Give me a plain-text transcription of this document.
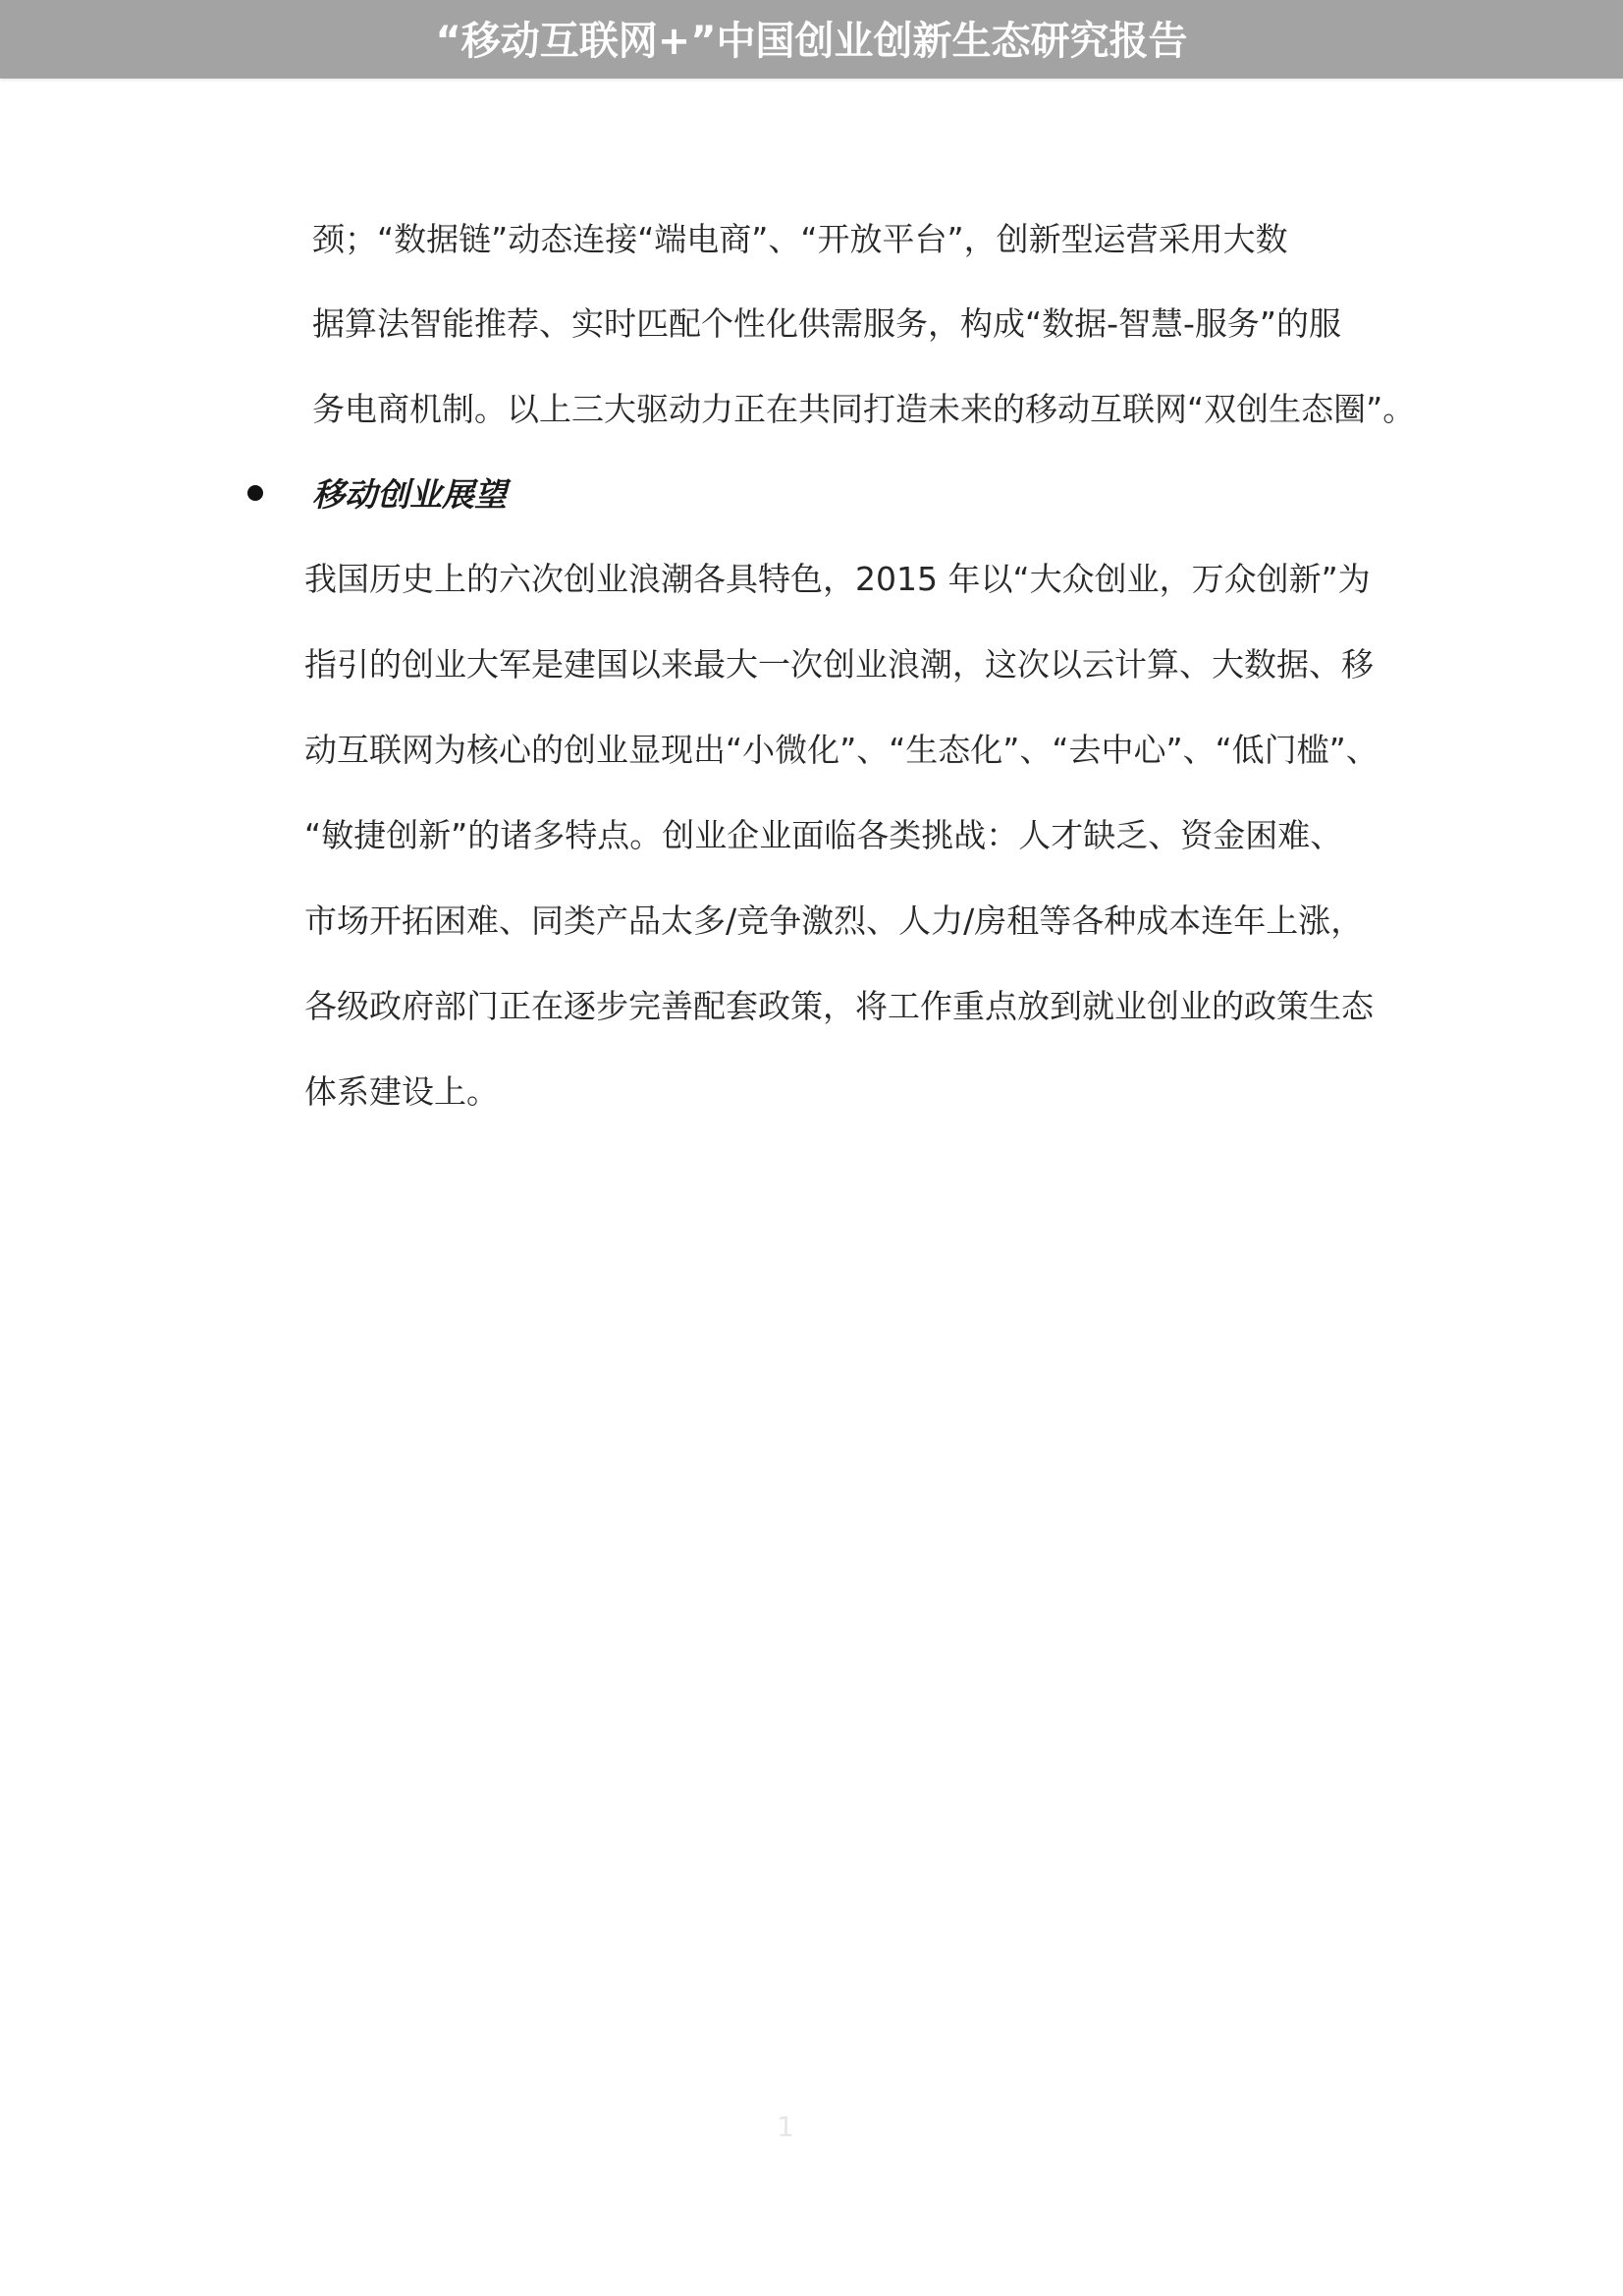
“移动互联网+”中国创业创新生态研究报告
颈；“数据链”动态连接“端电商”、“开放平台”，创新型运营采用大数
据算法智能推荐、实时匹配个性化供需服务，构成“数据-智慧-服务”的服
务电商机制。以上三大驱动力正在共同打造未来的移动互联网“双创生态圈”。
移动创业展望
我国历史上的六次创业浪潮各具特色，2015 年以“大众创业，万众创新”为
指引的创业大军是建国以来最大一次创业浪潮，这次以云计算、大数据、移
动互联网为核心的创业显现出“小微化”、“生态化”、“去中心”、“低门槛”、
“敏捷创新”的诸多特点。创业企业面临各类挑战：人才缺乏、资金困难、
市场开拓困难、同类产品太多/竞争激烈、人力/房租等各种成本连年上涨，
各级政府部门正在逐步完善配套政策，将工作重点放到就业创业的政策生态
体系建设上。
1
